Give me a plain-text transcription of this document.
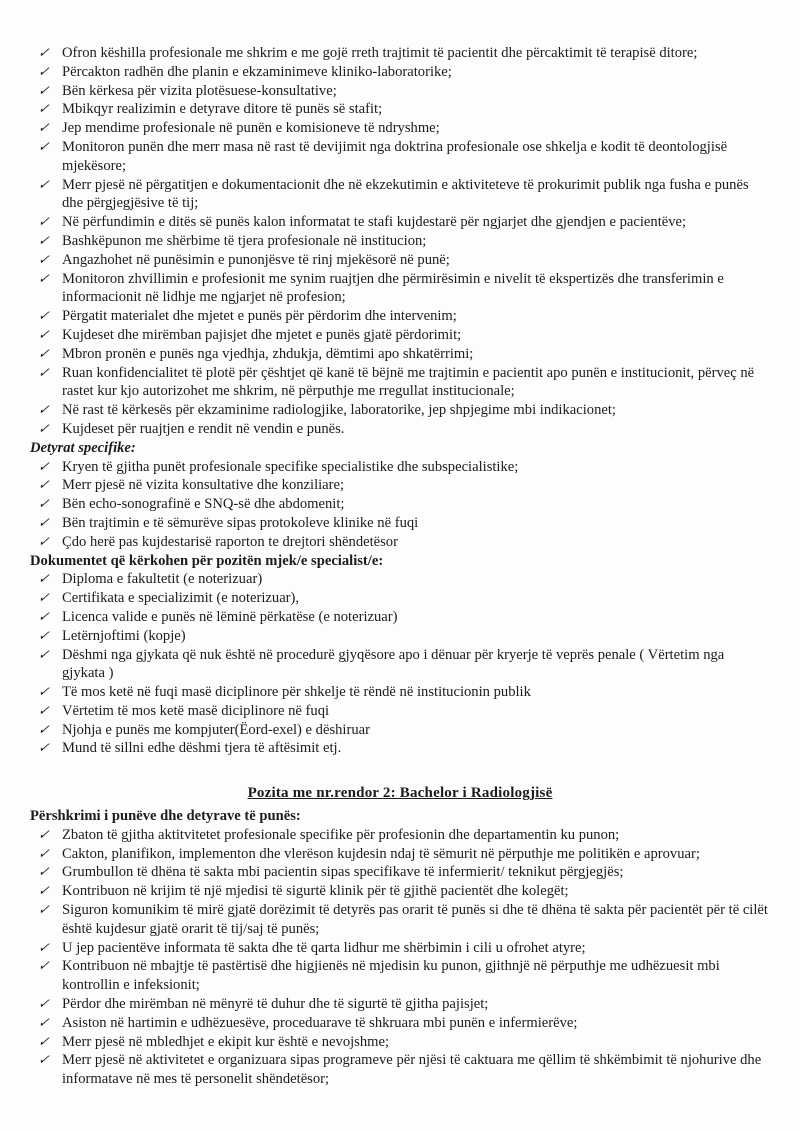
✓ Ofron këshilla profesionale me shkrim e me gojë rreth trajtimit të pacientit dhe përcaktimit të terapisë ditore;
✓ Përcakton radhën dhe planin e ekzaminimeve kliniko-laboratorike;
✓ Bën kërkesa për vizita plotësuese-konsultative;
✓ Mbikqyr realizimin e detyrave ditore të punës së stafit;
✓ Jep mendime profesionale në punën e komisioneve të ndryshme;
✓ Monitoron punën dhe merr masa në rast të devijimit nga doktrina profesionale ose shkelja e kodit të deontologjisë mjekësore;
✓ Merr pjesë në përgatitjen e dokumentacionit dhe në ekzekutimin e aktiviteteve të prokurimit publik nga fusha e punës dhe përgjegjësive të tij;
✓ Në përfundimin e ditës së punës kalon informatat te stafi kujdestarë për ngjarjet dhe gjendjen e pacientëve;
✓ Bashkëpunon me shërbime të tjera profesionale në institucion;
✓ Angazhohet në punësimin e punonjësve të rinj mjekësorë në punë;
✓ Monitoron zhvillimin e profesionit me synim ruajtjen dhe përmirësimin e nivelit të ekspertizës dhe transferimin e informacionit në lidhje me ngjarjet në profesion;
✓ Përgatit materialet dhe mjetet e punës për përdorim dhe intervenim;
✓ Kujdeset dhe mirëmban pajisjet dhe mjetet e punës gjatë përdorimit;
✓ Mbron pronën e punës nga vjedhja, zhdukja, dëmtimi apo shkatërrimi;
✓ Ruan konfidencialitet të plotë për çështjet që kanë të bëjnë me trajtimin e pacientit apo punën e institucionit, përveç në rastet kur kjo autorizohet me shkrim, në përputhje me rregullat institucionale;
✓ Në rast të kërkesës për ekzaminime radiologjike, laboratorike, jep shpjegime mbi indikacionet;
✓ Kujdeset për ruajtjen e rendit në vendin e punës.
Detyrat specifike:
✓ Kryen të gjitha punët profesionale specifike specialistike dhe subspecialistike;
✓ Merr pjesë në vizita konsultative dhe konziliare;
✓ Bën echo-sonografinë e SNQ-së dhe abdomenit;
✓ Bën trajtimin e të sëmurëve sipas protokoleve klinike në fuqi
✓ Çdo herë pas kujdestarisë raporton te drejtori shëndetësor
Dokumentet që kërkohen për pozitën mjek/e specialist/e:
✓ Diploma e fakultetit (e noterizuar)
✓ Certifikata e specializimit (e noterizuar),
✓ Licenca valide e punës në lëminë përkatëse (e noterizuar)
✓ Letërnjoftimi (kopje)
✓ Dëshmi nga gjykata që nuk është në procedurë gjyqësore apo i dënuar për kryerje të veprës penale ( Vërtetim nga gjykata )
✓ Të mos ketë në fuqi masë diciplinore për shkelje të rëndë në institucionin publik
✓ Vërtetim të mos ketë masë diciplinore në fuqi
✓ Njohja e punës me kompjuter(Ëord-exel) e dëshiruar
✓ Mund të sillni edhe dëshmi tjera të aftësimit etj.
Pozita me nr.rendor 2: Bachelor i Radiologjisë
Përshkrimi i punëve dhe detyrave të punës:
✓ Zbaton të gjitha aktitvitetet profesionale specifike për profesionin dhe departamentin ku punon;
✓ Cakton, planifikon, implementon dhe vlerëson kujdesin ndaj të sëmurit në përputhje me politikën e aprovuar;
✓ Grumbullon të dhëna të sakta mbi pacientin sipas specifikave të infermierit/ teknikut përgjegjës;
✓ Kontribuon në krijim të një mjedisi të sigurtë klinik për të gjithë pacientët dhe kolegët;
✓ Siguron komunikim të mirë gjatë dorëzimit të detyrës pas orarit të punës si dhe të dhëna të sakta për pacientët për të cilët është kujdesur gjatë orarit të tij/saj të punës;
✓ U jep pacientëve informata të sakta dhe të qarta lidhur me shërbimin i cili u ofrohet atyre;
✓ Kontribuon në mbajtje të pastërtisë dhe higjienës në mjedisin ku punon, gjithnjë në përputhje me udhëzuesit mbi kontrollin e infeksionit;
✓ Përdor dhe mirëmban në mënyrë të duhur dhe të sigurtë të gjitha pajisjet;
✓ Asiston në hartimin e udhëzuesëve, proceduarave të shkruara mbi punën e infermierëve;
✓ Merr pjesë në mbledhjet e ekipit kur është e nevojshme;
✓ Merr pjesë në aktivitetet e organizuara sipas programeve për njësi të caktuara me qëllim të shkëmbimit të njohurive dhe informatave në mes të personelit shëndetësor;
